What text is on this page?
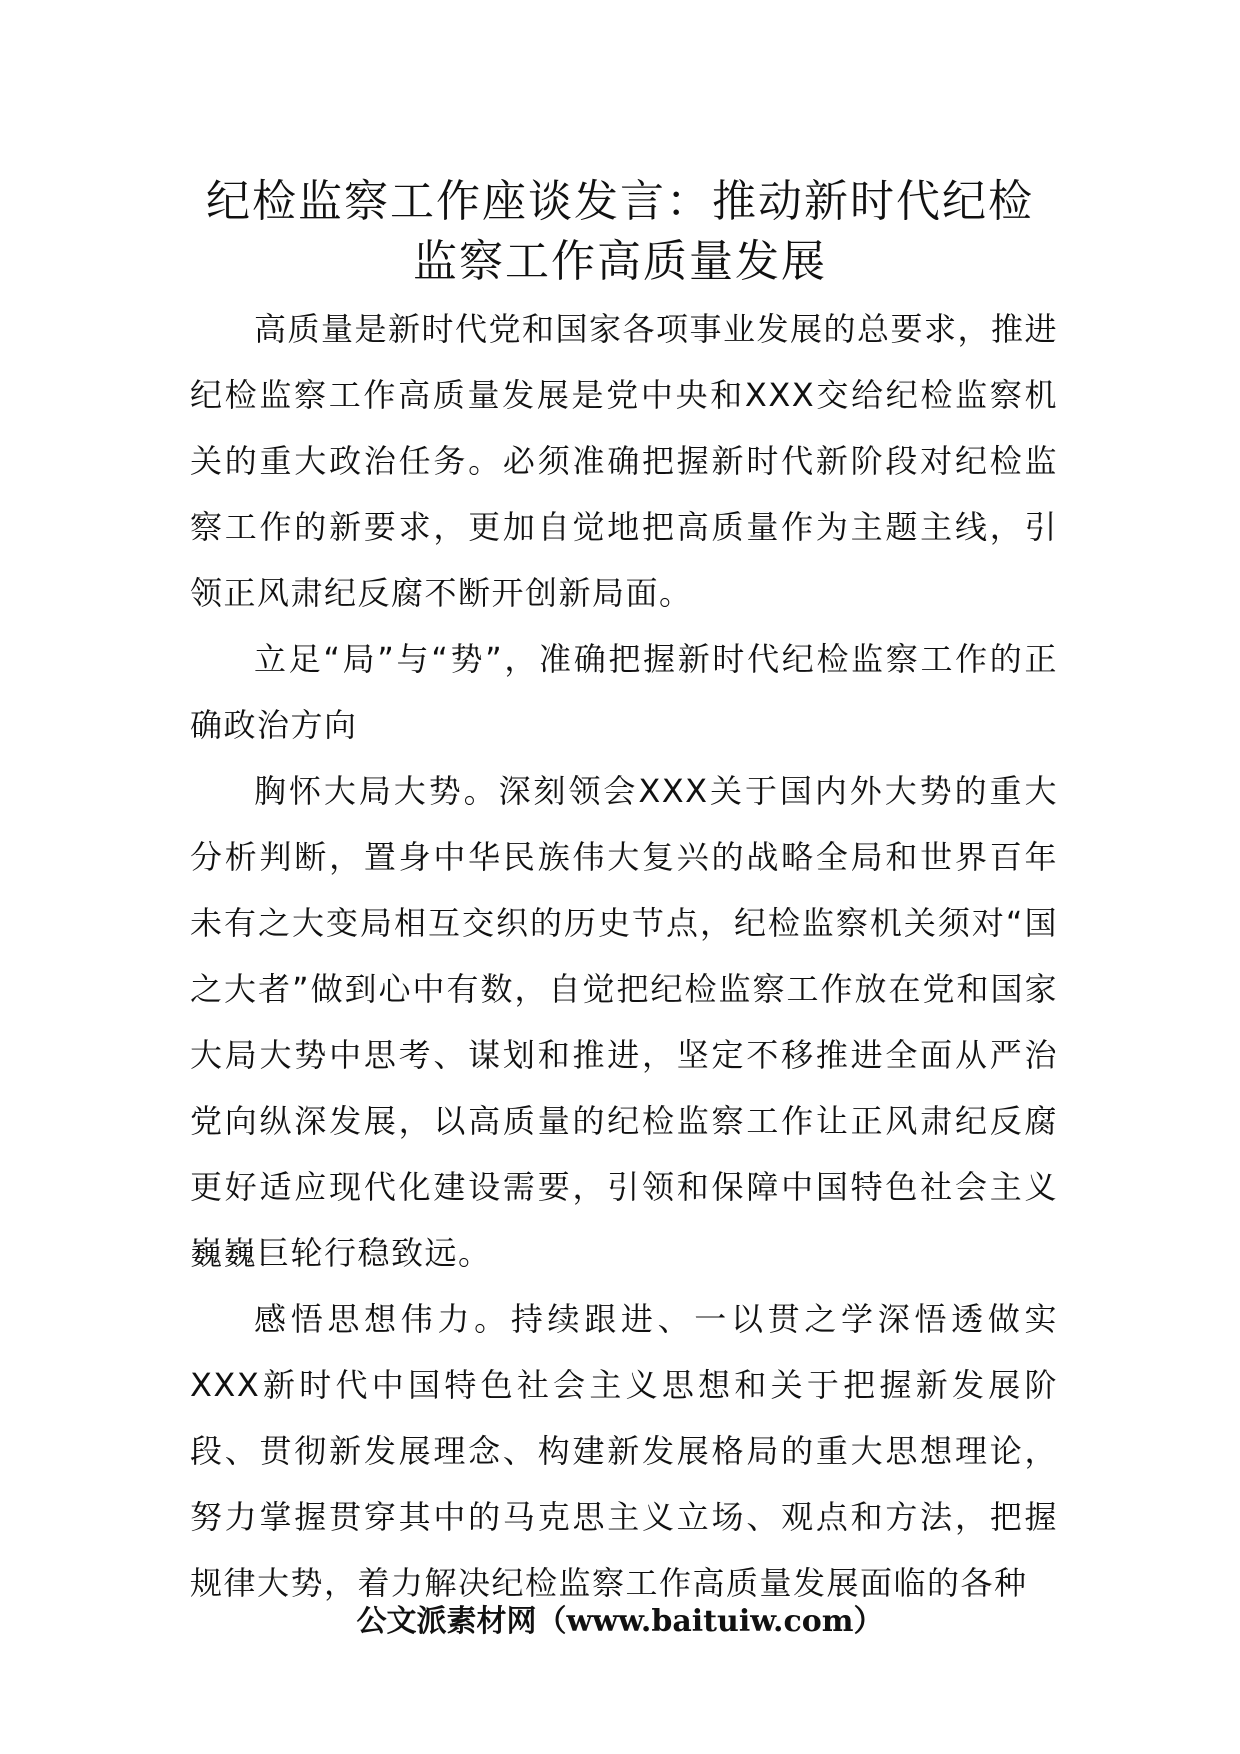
纪检监察工作座谈发言：推动新时代纪检
监察工作高质量发展

高质量是新时代党和国家各项事业发展的总要求，推进纪检监察工作高质量发展是党中央和XXX交给纪检监察机关的重大政治任务。必须准确把握新时代新阶段对纪检监察工作的新要求，更加自觉地把高质量作为主题主线，引领正风肃纪反腐不断开创新局面。

立足“局”与“势”，准确把握新时代纪检监察工作的正确政治方向

胸怀大局大势。深刻领会XXX关于国内外大势的重大分析判断，置身中华民族伟大复兴的战略全局和世界百年未有之大变局相互交织的历史节点，纪检监察机关须对“国之大者”做到心中有数，自觉把纪检监察工作放在党和国家大局大势中思考、谋划和推进，坚定不移推进全面从严治党向纵深发展，以高质量的纪检监察工作让正风肃纪反腐更好适应现代化建设需要，引领和保障中国特色社会主义巍巍巨轮行稳致远。

感悟思想伟力。持续跟进、一以贯之学深悟透做实XXX新时代中国特色社会主义思想和关于把握新发展阶段、贯彻新发展理念、构建新发展格局的重大思想理论，努力掌握贯穿其中的马克思主义立场、观点和方法，把握规律大势，着力解决纪检监察工作高质量发展面临的各种

公文派素材网（www.baituiw.com）
